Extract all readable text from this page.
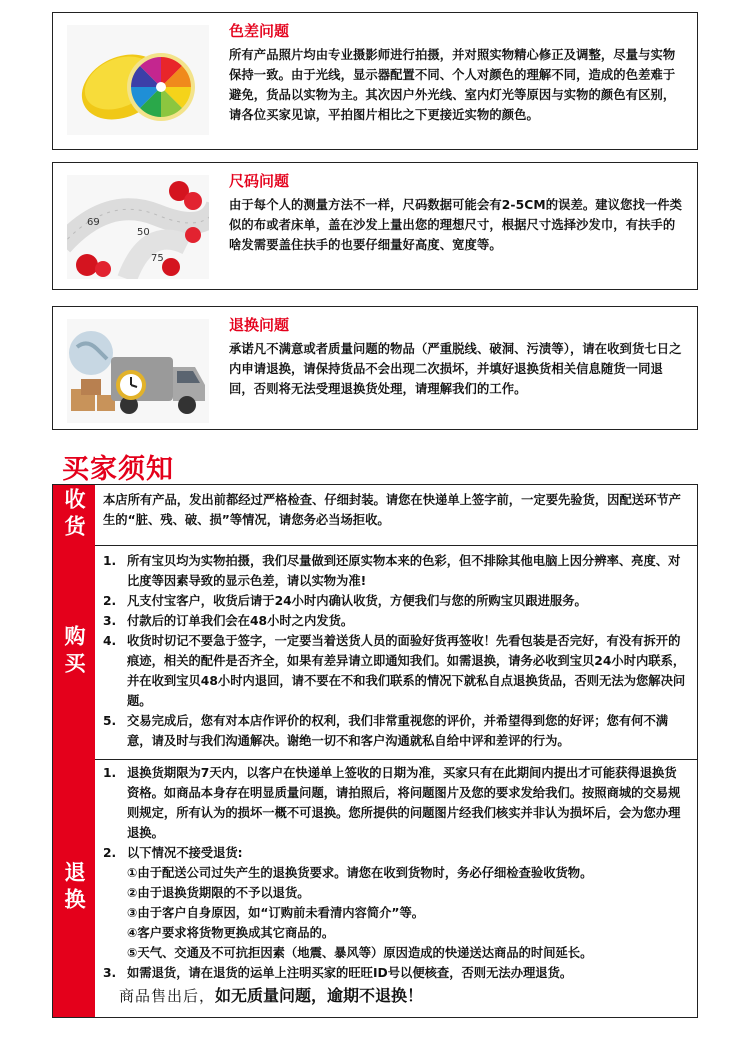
色差问题

所有产品照片均由专业摄影师进行拍摄，并对照实物精心修正及调整，尽量与实物保持一致。由于光线，显示器配置不同、个人对颜色的理解不同，造成的色差难于避免，货品以实物为主。其次因户外光线、室内灯光等原因与实物的颜色有区别，请各位买家见谅，平拍图片相比之下更接近实物的颜色。

69
50
75
尺码问题

由于每个人的测量方法不一样，尺码数据可能会有2-5CM的误差。建议您找一件类似的布或者床单，盖在沙发上量出您的理想尺寸，根据尺寸选择沙发巾，有扶手的啥发需要盖住扶手的也要仔细量好高度、宽度等。

退换问题

承诺凡不满意或者质量问题的物品（严重脱线、破洞、污渍等），请在收到货七日之内申请退换，请保持货品不会出现二次损坏，并填好退换货相关信息随货一同退回，否则将无法受理退换货处理，请理解我们的工作。

买家须知
收货 本店所有产品，发出前都经过严格检查、仔细封装。请您在快递单上签字前，一定要先验货，因配送环节产生的“脏、残、破、损”等情况，请您务必当场拒收。

购买
1. 所有宝贝均为实物拍摄，我们尽量做到还原实物本来的色彩，但不排除其他电脑上因分辨率、亮度、对比度等因素导致的显示色差，请以实物为准!
2. 凡支付宝客户，收货后请于24小时内确认收货，方便我们与您的所购宝贝跟进服务。
3. 付款后的订单我们会在48小时之内发货。
4. 收货时切记不要急于签字，一定要当着送货人员的面验好货再签收！先看包装是否完好，有没有拆开的痕迹，相关的配件是否齐全，如果有差异请立即通知我们。如需退换，请务必收到宝贝24小时内联系，并在收到宝贝48小时内退回，请不要在不和我们联系的情况下就私自点退换货品，否则无法为您解决问题。
5. 交易完成后，您有对本店作评价的权利，我们非常重视您的评价，并希望得到您的好评；您有何不满意，请及时与我们沟通解决。谢绝一切不和客户沟通就私自给中评和差评的行为。
退换
1. 退换货期限为7天内，以客户在快递单上签收的日期为准，买家只有在此期间内提出才可能获得退换货资格。如商品本身存在明显质量问题，请拍照后，将问题图片及您的要求发给我们。按照商城的交易规则规定，所有认为的损坏一概不可退换。您所提供的问题图片经我们核实并非认为损坏后，会为您办理退换。
2. 以下情况不接受退货:
①由于配送公司过失产生的退换货要求。请您在收到货物时，务必仔细检查验收货物。
②由于退换货期限的不予以退货。
③由于客户自身原因，如“订购前未看清内容简介”等。
④客户要求将货物更换成其它商品的。
⑤天气、交通及不可抗拒因素（地震、暴风等）原因造成的快递送达商品的时间延长。
3. 如需退货，请在退货的运单上注明买家的旺旺ID号以便核查，否则无法办理退货。
商品售出后，如无质量问题，逾期不退换！
